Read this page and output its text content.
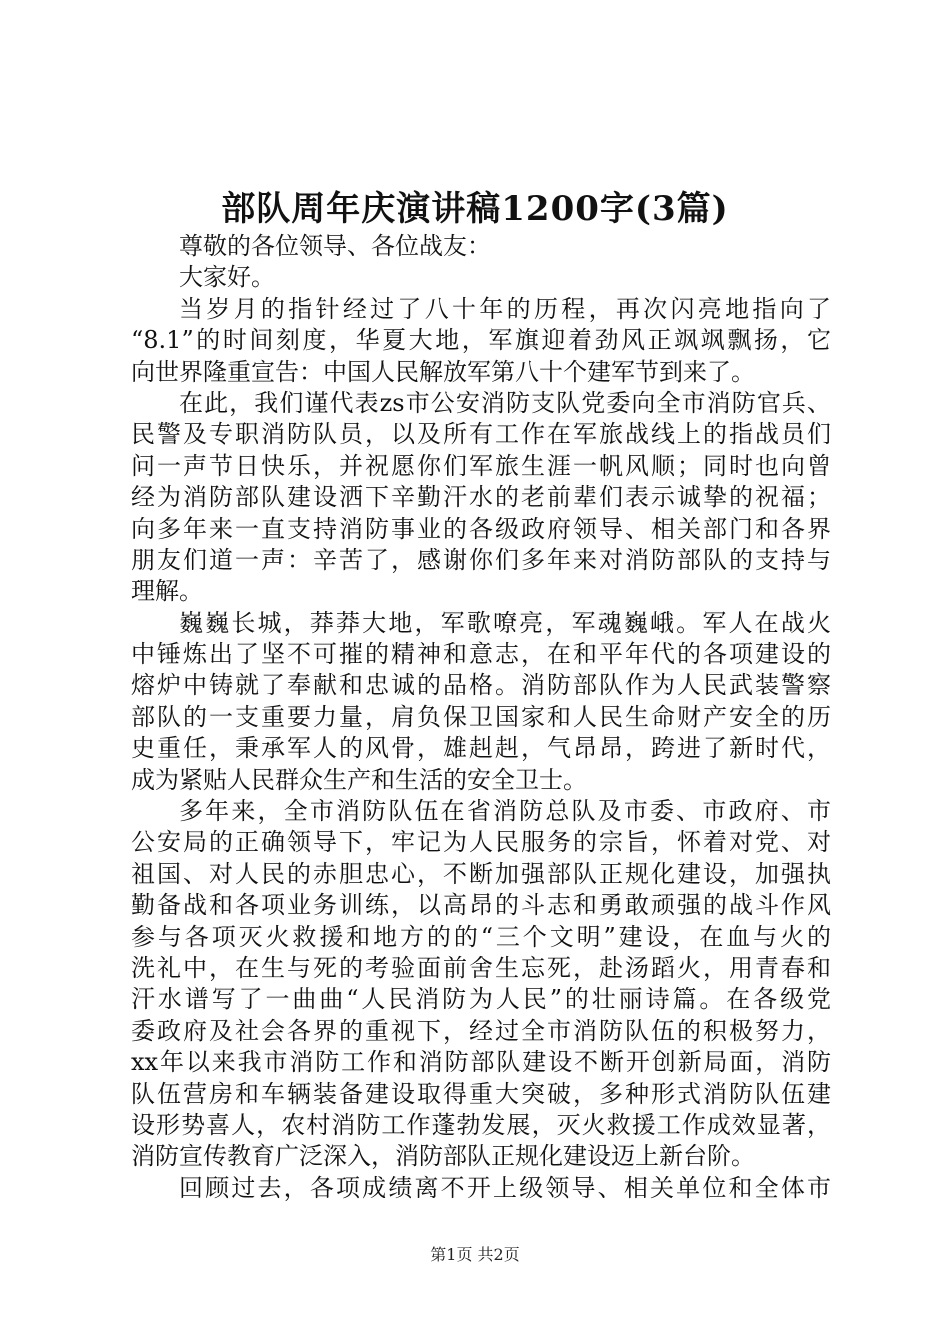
部队周年庆演讲稿1200字(3篇)
尊敬的各位领导、各位战友：
大家好。
当岁月的指针经过了八十年的历程，再次闪亮地指向了
“8.1”的时间刻度，华夏大地，军旗迎着劲风正飒飒飘扬，它
向世界隆重宣告：中国人民解放军第八十个建军节到来了。
在此，我们谨代表zs市公安消防支队党委向全市消防官兵、
民警及专职消防队员，以及所有工作在军旅战线上的指战员们
问一声节日快乐，并祝愿你们军旅生涯一帆风顺；同时也向曾
经为消防部队建设洒下辛勤汗水的老前辈们表示诚挚的祝福；
向多年来一直支持消防事业的各级政府领导、相关部门和各界
朋友们道一声：辛苦了，感谢你们多年来对消防部队的支持与
理解。
巍巍长城，莽莽大地，军歌嘹亮，军魂巍峨。军人在战火
中锤炼出了坚不可摧的精神和意志，在和平年代的各项建设的
熔炉中铸就了奉献和忠诚的品格。消防部队作为人民武装警察
部队的一支重要力量，肩负保卫国家和人民生命财产安全的历
史重任，秉承军人的风骨，雄赳赳，气昂昂，跨进了新时代，
成为紧贴人民群众生产和生活的安全卫士。
多年来，全市消防队伍在省消防总队及市委、市政府、市
公安局的正确领导下，牢记为人民服务的宗旨，怀着对党、对
祖国、对人民的赤胆忠心，不断加强部队正规化建设，加强执
勤备战和各项业务训练，以高昂的斗志和勇敢顽强的战斗作风
参与各项灭火救援和地方的的“三个文明”建设，在血与火的
洗礼中，在生与死的考验面前舍生忘死，赴汤蹈火，用青春和
汗水谱写了一曲曲“人民消防为人民”的壮丽诗篇。在各级党
委政府及社会各界的重视下，经过全市消防队伍的积极努力，
xx年以来我市消防工作和消防部队建设不断开创新局面，消防
队伍营房和车辆装备建设取得重大突破，多种形式消防队伍建
设形势喜人，农村消防工作蓬勃发展，灭火救援工作成效显著，
消防宣传教育广泛深入，消防部队正规化建设迈上新台阶。
回顾过去，各项成绩离不开上级领导、相关单位和全体市
第1页 共2页
